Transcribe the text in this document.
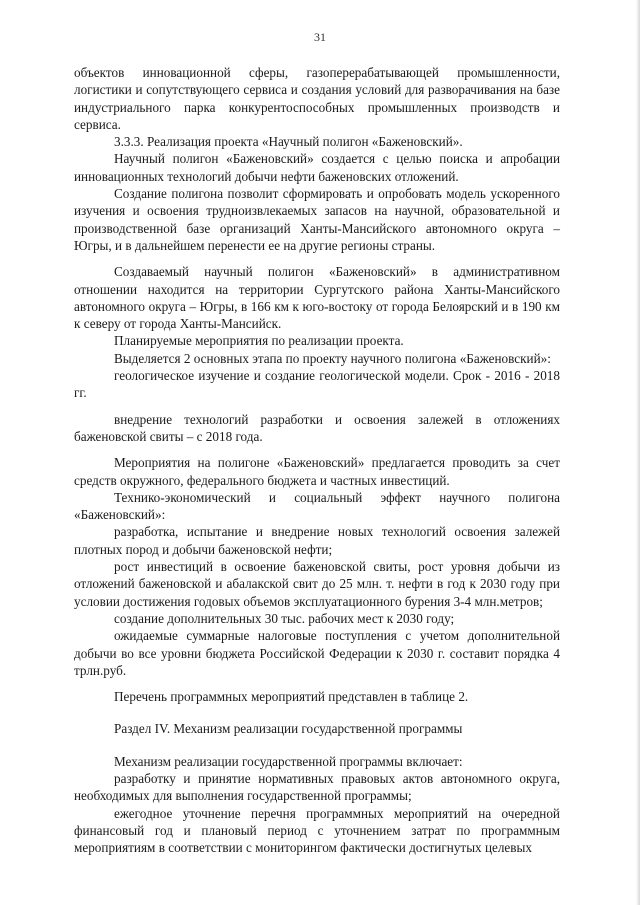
31

объектов инновационной сферы, газоперерабатывающей промышленности, логистики и сопутствующего сервиса и создания условий для разворачивания на базе индустриального парка конкурентоспособных промышленных производств и сервиса.

3.3.3. Реализация проекта «Научный полигон «Баженовский».

Научный полигон «Баженовский» создается с целью поиска и апробации инновационных технологий добычи нефти баженовских отложений.

Создание полигона позволит сформировать и опробовать модель ускоренного изучения и освоения трудноизвлекаемых запасов на научной, образовательной и производственной базе организаций Ханты-Мансийского автономного округа – Югры, и в дальнейшем перенести ее на другие регионы страны.

Создаваемый научный полигон «Баженовский» в административном отношении находится на территории Сургутского района Ханты-Мансийского автономного округа – Югры, в 166 км к юго-востоку от города Белоярский и в 190 км к северу от города Ханты-Мансийск.

Планируемые мероприятия по реализации проекта.

Выделяется 2 основных этапа по проекту научного полигона «Баженовский»:

геологическое изучение и создание геологической модели. Срок - 2016 - 2018 гг.

внедрение технологий разработки и освоения залежей в отложениях баженовской свиты – с 2018 года.

Мероприятия на полигоне «Баженовский» предлагается проводить за счет средств окружного, федерального бюджета и частных инвестиций.

Технико-экономический и социальный эффект научного полигона «Баженовский»:

разработка, испытание и внедрение новых технологий освоения залежей плотных пород и добычи баженовской нефти;

рост инвестиций в освоение баженовской свиты, рост уровня добычи из отложений баженовской и абалакской свит до 25 млн. т. нефти в год к 2030 году при условии достижения годовых объемов эксплуатационного бурения 3-4 млн.метров;

создание дополнительных 30 тыс. рабочих мест к 2030 году;

ожидаемые суммарные налоговые поступления с учетом дополнительной добычи во все уровни бюджета Российской Федерации к 2030 г. составит порядка 4 трлн.руб.

Перечень программных мероприятий представлен в таблице 2.

Раздел IV. Механизм реализации государственной программы

Механизм реализации государственной программы включает:

разработку и принятие нормативных правовых актов автономного округа, необходимых для выполнения государственной программы;

ежегодное уточнение перечня программных мероприятий на очередной финансовый год и плановый период с уточнением затрат по программным мероприятиям в соответствии с мониторингом фактически достигнутых целевых
